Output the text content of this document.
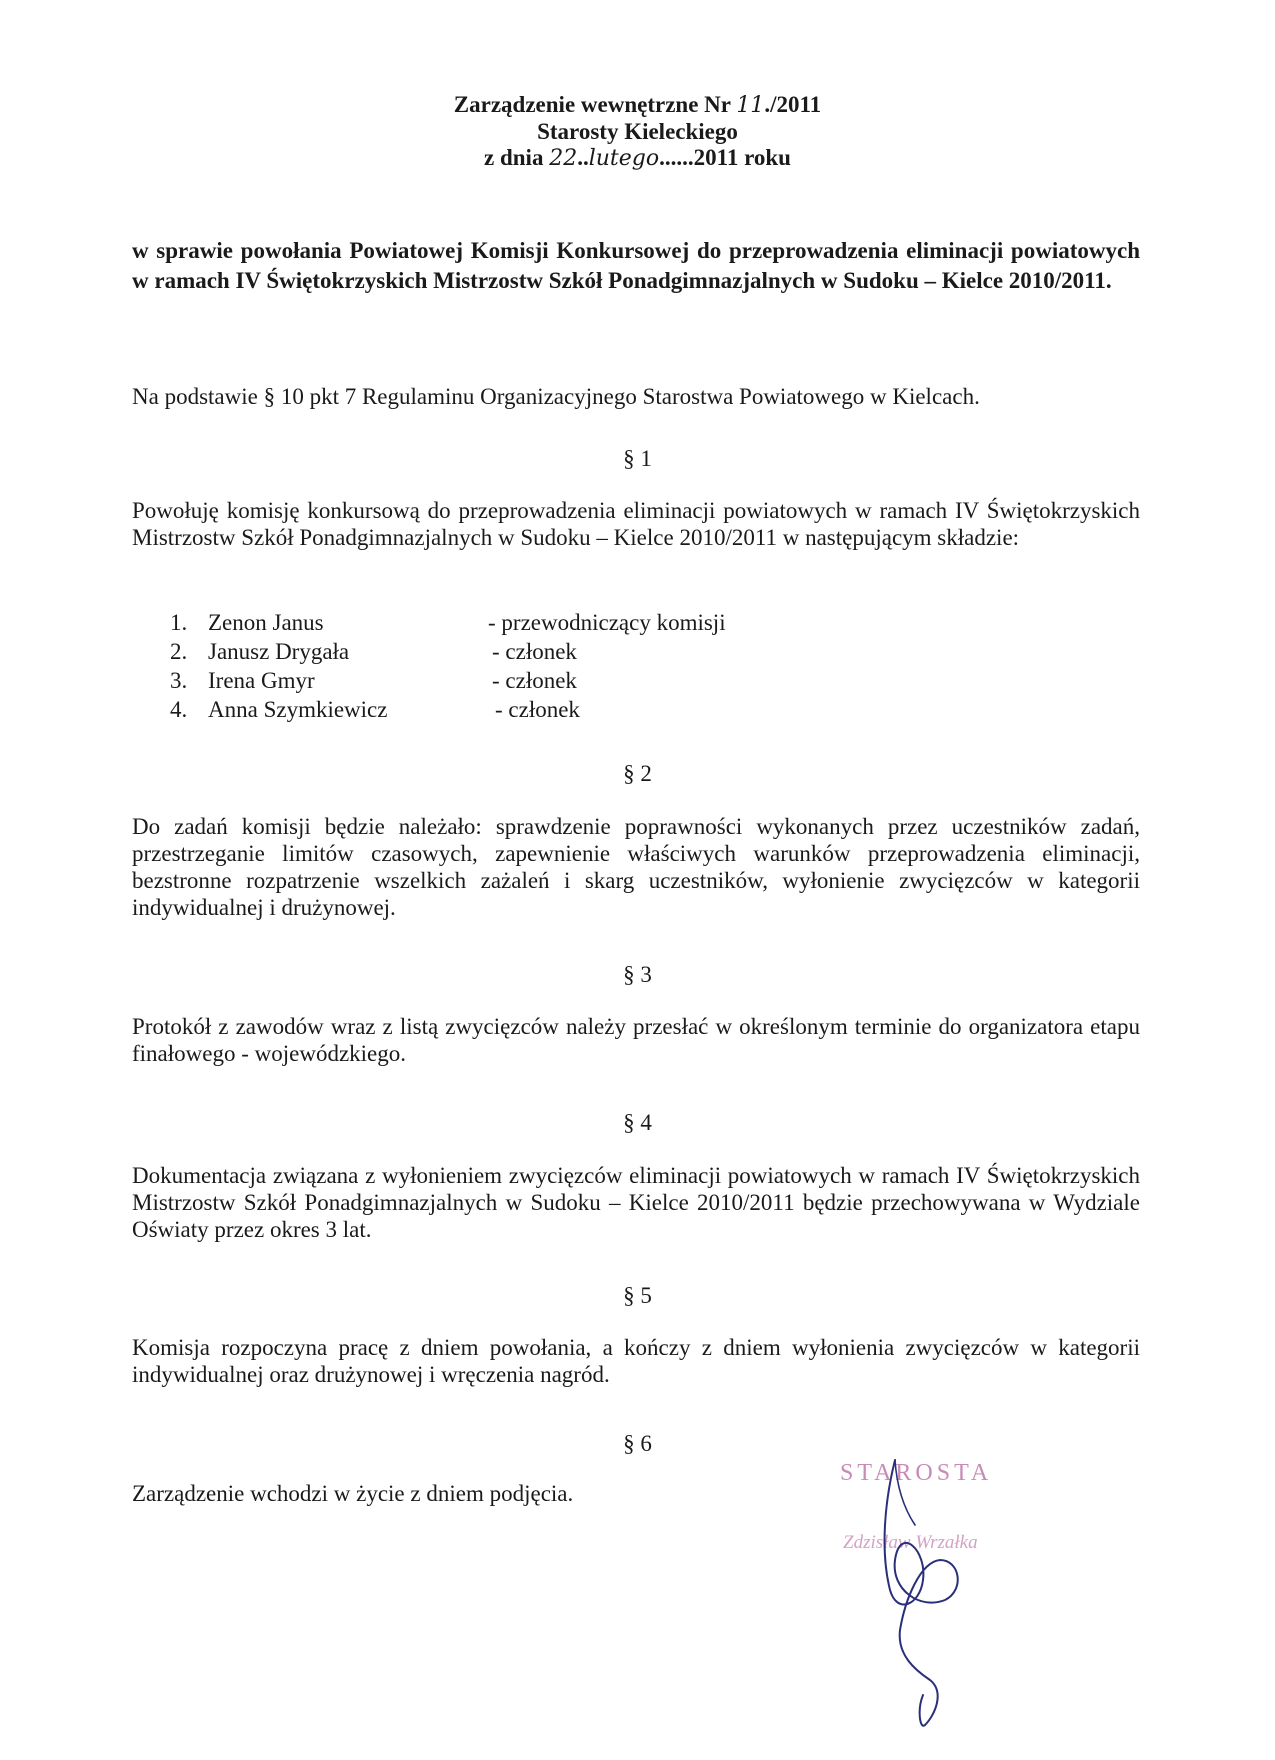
Zarządzenie wewnętrzne Nr 11./2011
Starosty Kieleckiego
z dnia 22..lutego......2011 roku
w sprawie powołania Powiatowej Komisji Konkursowej do przeprowadzenia eliminacji powiatowych w ramach IV Świętokrzyskich Mistrzostw Szkół Ponadgimnazjalnych w Sudoku – Kielce 2010/2011.
Na podstawie § 10 pkt 7 Regulaminu Organizacyjnego Starostwa Powiatowego w Kielcach.
§ 1
Powołuję komisję konkursową do przeprowadzenia eliminacji powiatowych w ramach IV Świętokrzyskich Mistrzostw Szkół Ponadgimnazjalnych w Sudoku – Kielce 2010/2011 w następującym składzie:
1. Zenon Janus	- przewodniczący komisji
2. Janusz Drygała	- członek
3. Irena Gmyr	- członek
4. Anna Szymkiewicz	- członek
§ 2
Do zadań komisji będzie należało: sprawdzenie poprawności wykonanych przez uczestników zadań, przestrzeganie limitów czasowych, zapewnienie właściwych warunków przeprowadzenia eliminacji, bezstronne rozpatrzenie wszelkich zażaleń i skarg uczestników, wyłonienie zwycięzców w kategorii indywidualnej i drużynowej.
§ 3
Protokół z zawodów wraz z listą zwycięzców należy przesłać w określonym terminie do organizatora etapu finałowego - wojewódzkiego.
§ 4
Dokumentacja związana z wyłonieniem zwycięzców eliminacji powiatowych w ramach IV Świętokrzyskich Mistrzostw Szkół Ponadgimnazjalnych w Sudoku – Kielce 2010/2011 będzie przechowywana w Wydziale Oświaty przez okres 3 lat.
§ 5
Komisja rozpoczyna pracę z dniem powołania, a kończy z dniem wyłonienia zwycięzców w kategorii indywidualnej oraz drużynowej i wręczenia nagród.
§ 6
Zarządzenie wchodzi w życie z dniem podjęcia.
STAROSTA
Zdzisław Wrzałka
